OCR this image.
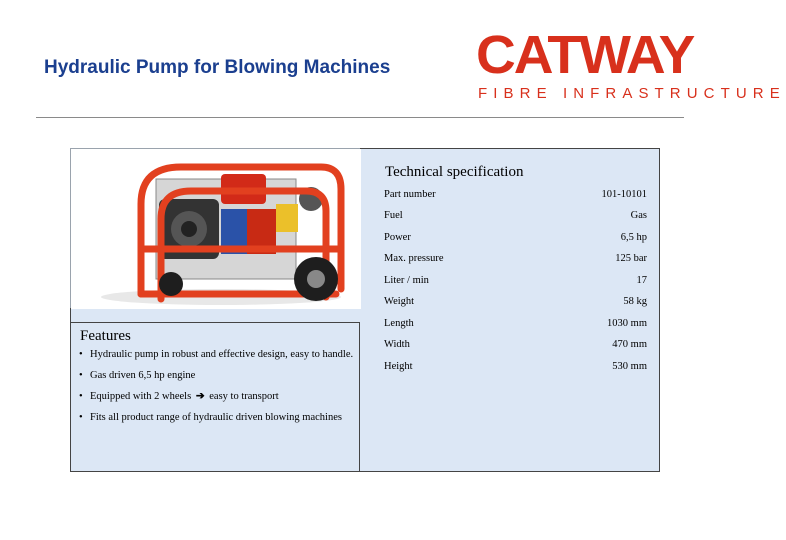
Hydraulic Pump for Blowing Machines CATWAY
FIBRE INFRASTRUCTURE
Features
• Hydraulic pump in robust and effective design, easy to handle.
• Gas driven 6,5 hp engine
• Equipped with 2 wheels ➔ easy to transport
• Fits all product range of hydraulic driven blowing machines
Technical specification
Part number	101-10101
Fuel	Gas
Power	6,5 hp
Max. pressure	125 bar
Liter / min	17
Weight	58 kg
Length	1030 mm
Width	470 mm
Height	530 mm
